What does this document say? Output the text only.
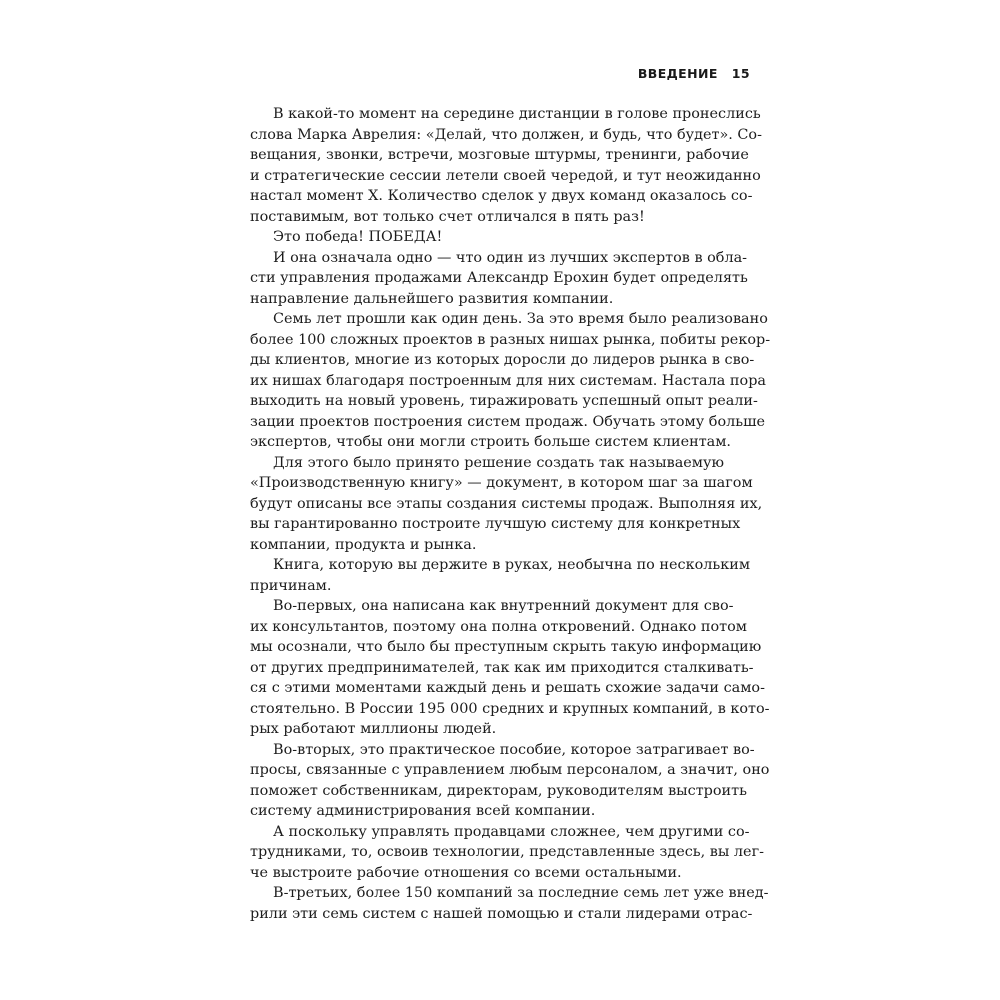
ВВЕДЕНИЕ 15
В какой-то момент на середине дистанции в голове пронеслись
слова Марка Аврелия: «Делай, что должен, и будь, что будет». Со-
вещания, звонки, встречи, мозговые штурмы, тренинги, рабочие
и стратегические сессии летели своей чередой, и тут неожиданно
настал момент X. Количество сделок у двух команд оказалось со-
поставимым, вот только счет отличался в пять раз!
Это победа! ПОБЕДА!
И она означала одно — что один из лучших экспертов в обла-
сти управления продажами Александр Ерохин будет определять
направление дальнейшего развития компании.
Семь лет прошли как один день. За это время было реализовано
более 100 сложных проектов в разных нишах рынка, побиты рекор-
ды клиентов, многие из которых доросли до лидеров рынка в сво-
их нишах благодаря построенным для них системам. Настала пора
выходить на новый уровень, тиражировать успешный опыт реали-
зации проектов построения систем продаж. Обучать этому больше
экспертов, чтобы они могли строить больше систем клиентам.
Для этого было принято решение создать так называемую
«Производственную книгу» — документ, в котором шаг за шагом
будут описаны все этапы создания системы продаж. Выполняя их,
вы гарантированно построите лучшую систему для конкретных
компании, продукта и рынка.
Книга, которую вы держите в руках, необычна по нескольким
причинам.
Во-первых, она написана как внутренний документ для сво-
их консультантов, поэтому она полна откровений. Однако потом
мы осознали, что было бы преступным скрыть такую информацию
от других предпринимателей, так как им приходится сталкивать-
ся с этими моментами каждый день и решать схожие задачи само-
стоятельно. В России 195 000 средних и крупных компаний, в кото-
рых работают миллионы людей.
Во-вторых, это практическое пособие, которое затрагивает во-
просы, связанные с управлением любым персоналом, а значит, оно
поможет собственникам, директорам, руководителям выстроить
систему администрирования всей компании.
А поскольку управлять продавцами сложнее, чем другими со-
трудниками, то, освоив технологии, представленные здесь, вы лег-
че выстроите рабочие отношения со всеми остальными.
В-третьих, более 150 компаний за последние семь лет уже внед-
рили эти семь систем с нашей помощью и стали лидерами отрас-
